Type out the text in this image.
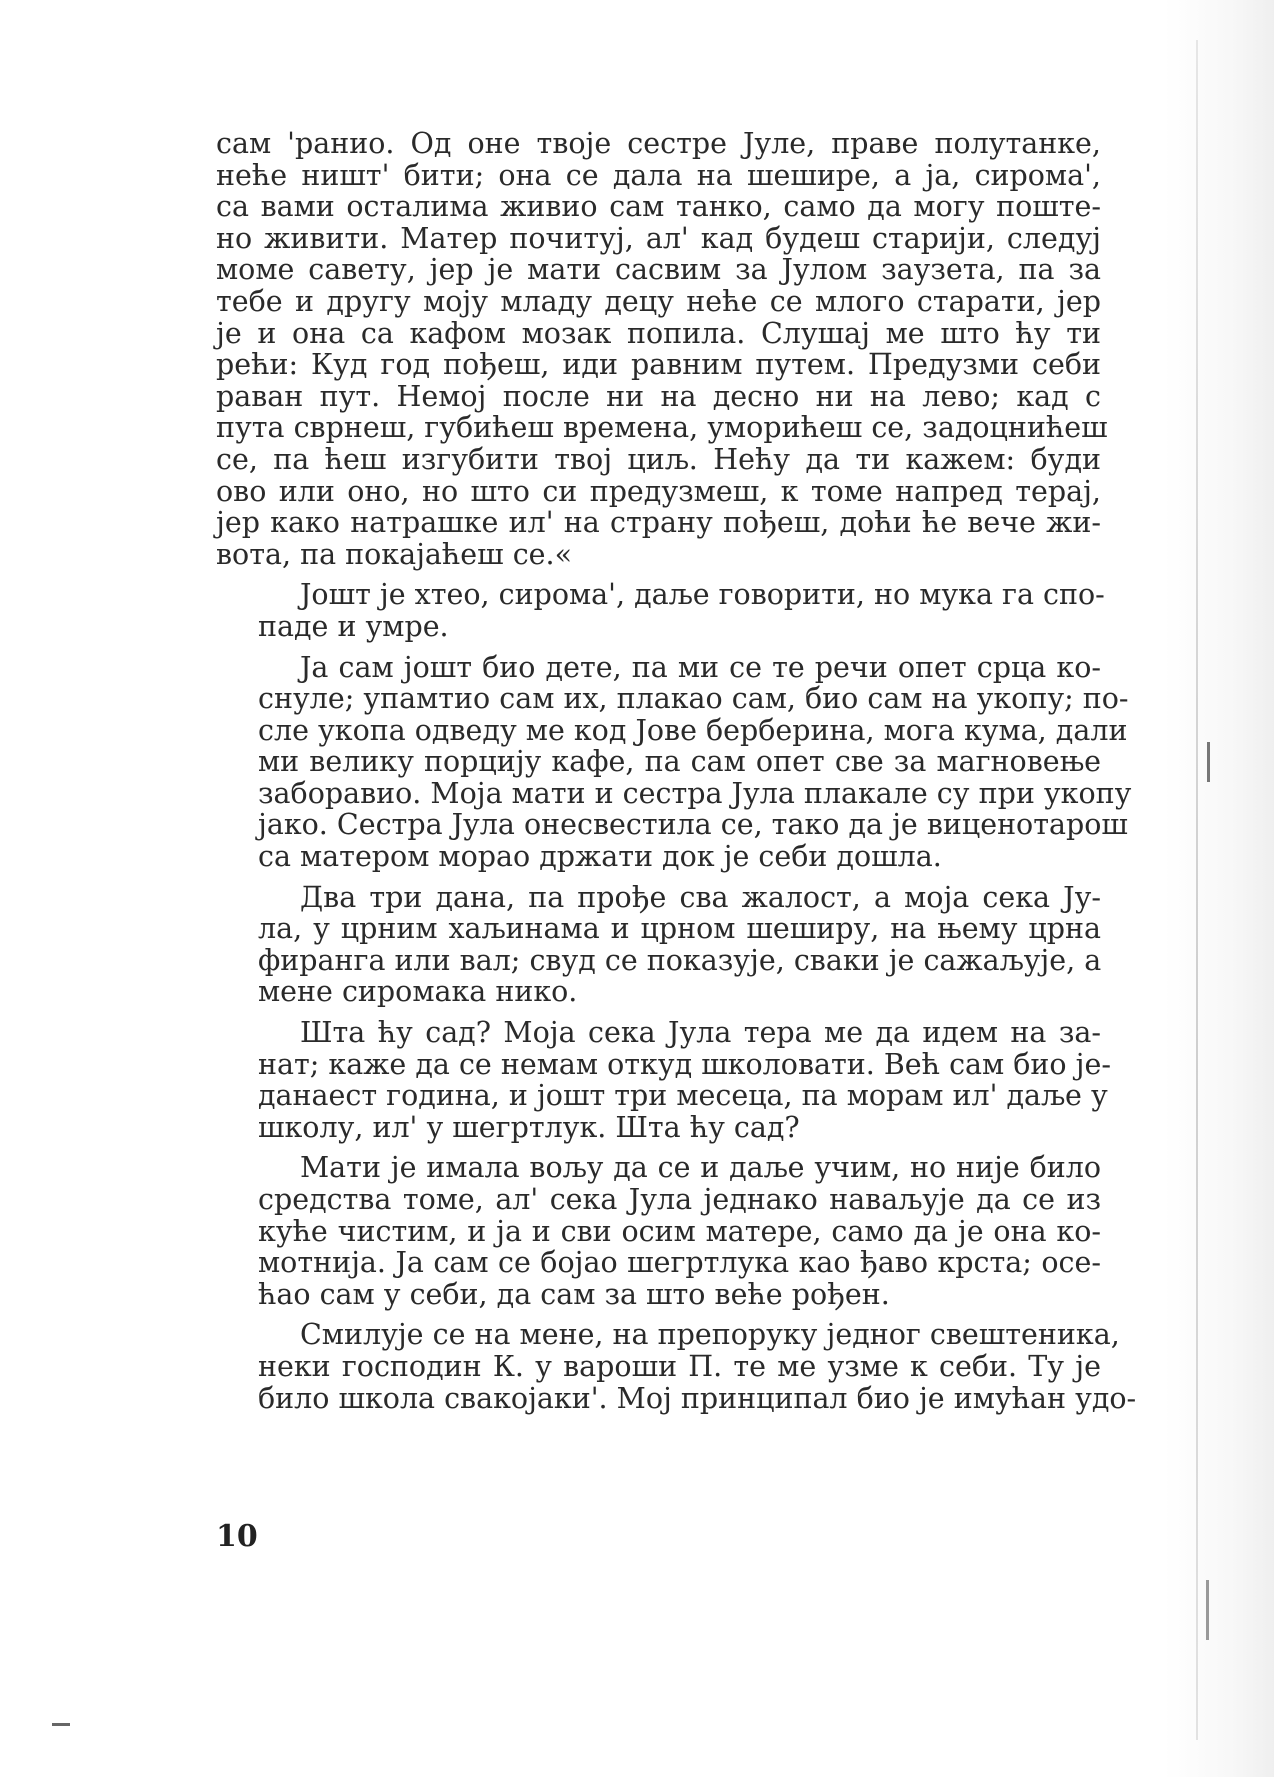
сам 'ранио. Од оне твоје сестре Јуле, праве полутанке,
неће ништ' бити; она се дала на шешире, а ја, сирома',
са вами осталима живио сам танко, само да могу поште-
но живити. Матер почитуј, ал' кад будеш старији, слeдуј
моме савету, јер је мати сасвим за Јулом заузета, па за
тебе и другу моју младу децу неће се млого старати, јер
је и она са кафом мозак попила. Слушај ме што ћу ти
рећи: Куд год пођеш, иди равним путем. Предузми себи
раван пут. Немој после ни на десно ни на лево; кад с
пута свpнеш, губићеш времена, уморићеш се, задоцнићеш
се, па ћеш изгубити твој циљ. Нећу да ти кажем: буди
ово или оно, но што си предузмеш, к томе напред терај,
јер како натрашке ил' на страну пођеш, доћи ће вече жи-
вота, па покајаћеш се.«
Јошт је хтео, сирома', даље говорити, но мука га спо-
паде и умре.
Ја сам јошт био дете, па ми се те речи опет срца ко-
снуле; упамтио сам их, плакао сам, био сам на укопу; по-
сле укопа одведу ме код Јове берберина, мога кума, дали
ми велику порцију кафе, па сам опет све за магновење
заборавио. Моја мати и сестра Јула плакале су при укопу
јако. Сестра Јула онесвестила се, тако да је виценотарош
са матером морао држати док је себи дошла.
Два три дана, па прође сва жалост, а моја сека Ју-
ла, у црним хаљинама и црном шеширу, на њему црна
фиранга или вал; свуд се показује, сваки је сажаљује, а
мене сиромака нико.
Шта ћу сад? Моја сека Јула тера ме да идем на за-
нат; каже да се немам откуд школовати. Већ сам био је-
данаест година, и јошт три месеца, па морам ил' даље у
школу, ил' у шегртлук. Шта ћу сад?
Мати је имала вољу да се и даље учим, но није било
средства томе, ал' сека Јула једнако наваљује да се из
куће чистим, и ја и сви осим матере, само да је она ко-
мотнија. Ја сам се бојао шегртлука као ђаво крста; осе-
ћао сам у себи, да сам за што веће рођен.
Смилује се на мене, на препоруку једног свештеника,
неки господин К. у вароши П. те ме узме к себи. Ту је
било школа свакојаки'. Мој принципал био је имућан удо-
10
